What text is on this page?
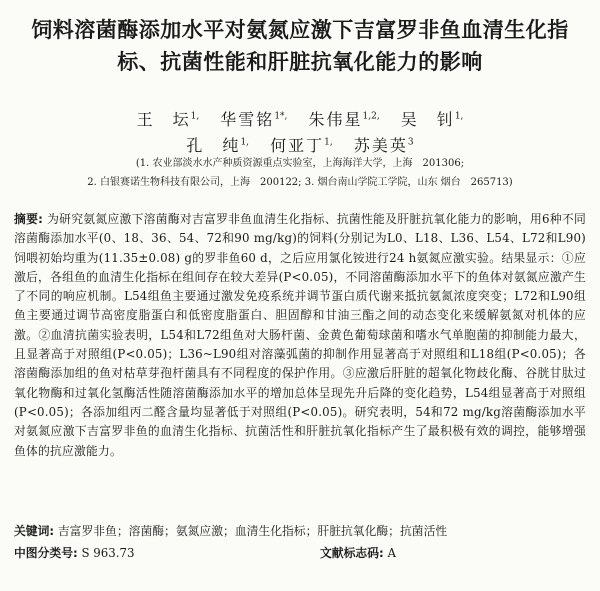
饲料溶菌酶添加水平对氨氮应激下吉富罗非鱼血清生化指
标、抗菌性能和肝脏抗氧化能力的影响
王　坛$^{1,}$ 华雪铭$^{1*,}$ 朱伟星$^{1,2,}$ 吴　钊$^{1,}$
孔　纯$^{1,}$ 何亚丁$^{1,}$ 苏美英$^3$
(1. 农业部淡水水产种质资源重点实验室，上海海洋大学，上海　201306;
2. 白银赛诺生物科技有限公司，上海　200122; 3. 烟台南山学院工学院，山东 烟台　265713)
摘要: 为研究氨氮应激下溶菌酶对吉富罗非鱼血清生化指标、抗菌性能及肝脏抗氧化能力的影响，用6种不同溶菌酶添加水平(0、18、36、54、72和90 mg/kg)的饲料(分别记为L0、L18、L36、L54、L72和L90)饲喂初始均重为(11.35±0.08) g的罗非鱼60 d，之后应用氯化铵进行24 h氨氮应激实验。结果显示：①应激后，各组鱼的血清生化指标在组间存在较大差异(P<0.05)，不同溶菌酶添加水平下的鱼体对氨氮应激产生了不同的响应机制。L54组鱼主要通过激发免疫系统并调节蛋白质代谢来抵抗氨氮浓度突变；L72和L90组鱼主要通过调节高密度脂蛋白和低密度脂蛋白、胆固醇和甘油三酯之间的动态变化来缓解氨氮对机体的应激。②血清抗菌实验表明，L54和L72组鱼对大肠杆菌、金黄色葡萄球菌和嗜水气单胞菌的抑制能力最大，且显著高于对照组(P<0.05)；L36~L90组对溶藻弧菌的抑制作用显著高于对照组和L18组(P<0.05)；各溶菌酶添加组的鱼对枯草芽孢杆菌具有不同程度的保护作用。③应激后肝脏的超氧化物歧化酶、谷胱甘肽过氧化物酶和过氧化氢酶活性随溶菌酶添加水平的增加总体呈现先升后降的变化趋势，L54组显著高于对照组(P<0.05)；各添加组丙二醛含量均显著低于对照组(P<0.05)。研究表明，54和72 mg/kg溶菌酶添加水平对氨氮应激下吉富罗非鱼的血清生化指标、抗菌活性和肝脏抗氧化指标产生了最积极有效的调控，能够增强鱼体的抗应激能力。
关键词: 吉富罗非鱼；溶菌酶；氨氮应激；血清生化指标；肝脏抗氧化酶；抗菌活性
中图分类号: S 963.73	文献标志码: A
